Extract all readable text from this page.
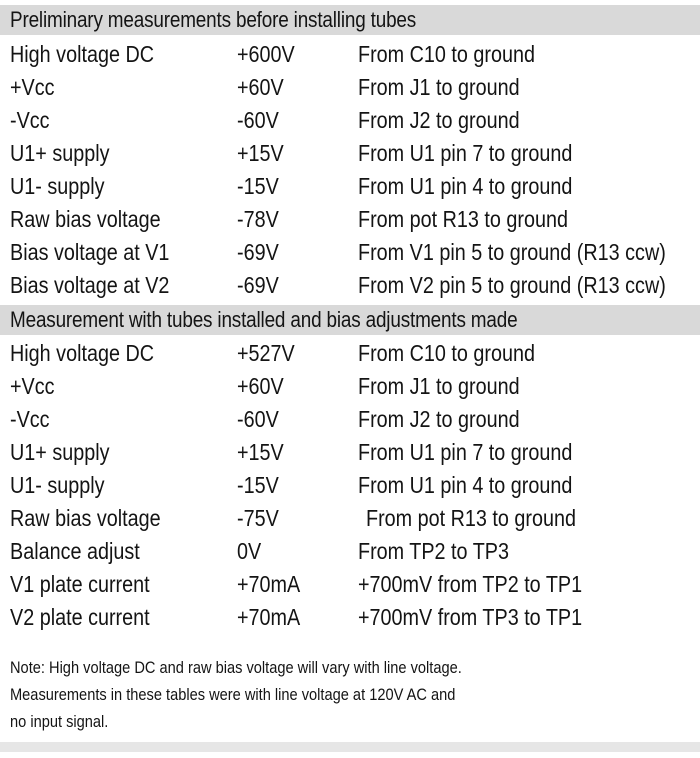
Preliminary measurements before installing tubes
High voltage DC	+600V	From C10 to ground
+Vcc	+60V	From J1 to ground
-Vcc	-60V	From J2 to ground
U1+ supply	+15V	From U1 pin 7 to ground
U1- supply	-15V	From U1 pin 4 to ground
Raw bias voltage	-78V	From pot R13 to ground
Bias voltage at V1	-69V	From V1 pin 5 to ground (R13 ccw)
Bias voltage at V2	-69V	From V2 pin 5 to ground (R13 ccw)
Measurement with tubes installed and bias adjustments made
High voltage DC	+527V	From C10 to ground
+Vcc	+60V	From J1 to ground
-Vcc	-60V	From J2 to ground
U1+ supply	+15V	From U1 pin 7 to ground
U1- supply	-15V	From U1 pin 4 to ground
Raw bias voltage	-75V	From pot R13 to ground
Balance adjust	0V	From TP2 to TP3
V1 plate current	+70mA	+700mV from TP2 to TP1
V2 plate current	+70mA	+700mV from TP3 to TP1
Note: High voltage DC and raw bias voltage will vary with line voltage.
Measurements in these tables were with line voltage at 120V AC and
no input signal.
